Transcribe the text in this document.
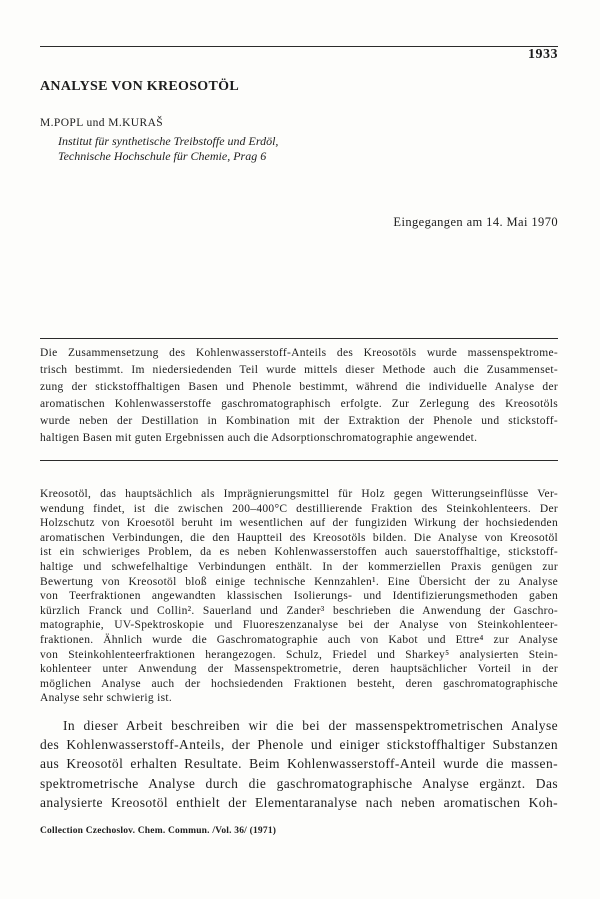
1933
ANALYSE VON KREOSOTÖL
M.POPL und M.KURAŠ
Institut für synthetische Treibstoffe und Erdöl,
Technische Hochschule für Chemie, Prag 6
Eingegangen am 14. Mai 1970
Die Zusammensetzung des Kohlenwasserstoff-Anteils des Kreosotöls wurde massenspektrome-
trisch bestimmt. Im niedersiedenden Teil wurde mittels dieser Methode auch die Zusammenset-
zung der stickstoffhaltigen Basen und Phenole bestimmt, während die individuelle Analyse der
aromatischen Kohlenwasserstoffe gaschromatographisch erfolgte. Zur Zerlegung des Kreosotöls
wurde neben der Destillation in Kombination mit der Extraktion der Phenole und stickstoff-
haltigen Basen mit guten Ergebnissen auch die Adsorptionschromatographie angewendet.
Kreosotöl, das hauptsächlich als Imprägnierungsmittel für Holz gegen Witterungseinflüsse Ver-
wendung findet, ist die zwischen 200–400°C destillierende Fraktion des Steinkohlenteers. Der
Holzschutz von Kroesotöl beruht im wesentlichen auf der fungiziden Wirkung der hochsiedenden
aromatischen Verbindungen, die den Hauptteil des Kreosotöls bilden. Die Analyse von Kreosotöl
ist ein schwieriges Problem, da es neben Kohlenwasserstoffen auch sauerstoffhaltige, stickstoff-
haltige und schwefelhaltige Verbindungen enthält. In der kommerziellen Praxis genügen zur
Bewertung von Kreosotöl bloß einige technische Kennzahlen¹. Eine Übersicht der zu Analyse
von Teerfraktionen angewandten klassischen Isolierungs- und Identifizierungsmethoden gaben
kürzlich Franck und Collin². Sauerland und Zander³ beschrieben die Anwendung der Gaschro-
matographie, UV-Spektroskopie und Fluoreszenzanalyse bei der Analyse von Steinkohlenteer-
fraktionen. Ähnlich wurde die Gaschromatographie auch von Kabot und Ettre⁴ zur Analyse
von Steinkohlenteerfraktionen herangezogen. Schulz, Friedel und Sharkey⁵ analysierten Stein-
kohlenteer unter Anwendung der Massenspektrometrie, deren hauptsächlicher Vorteil in der
möglichen Analyse auch der hochsiedenden Fraktionen besteht, deren gaschromatographische
Analyse sehr schwierig ist.
In dieser Arbeit beschreiben wir die bei der massenspektrometrischen Analyse
des Kohlenwasserstoff-Anteils, der Phenole und einiger stickstoffhaltiger Substanzen
aus Kreosotöl erhalten Resultate. Beim Kohlenwasserstoff-Anteil wurde die massen-
spektrometrische Analyse durch die gaschromatographische Analyse ergänzt. Das
analysierte Kreosotöl enthielt der Elementaranalyse nach neben aromatischen Koh-
Collection Czechoslov. Chem. Commun. /Vol. 36/ (1971)
